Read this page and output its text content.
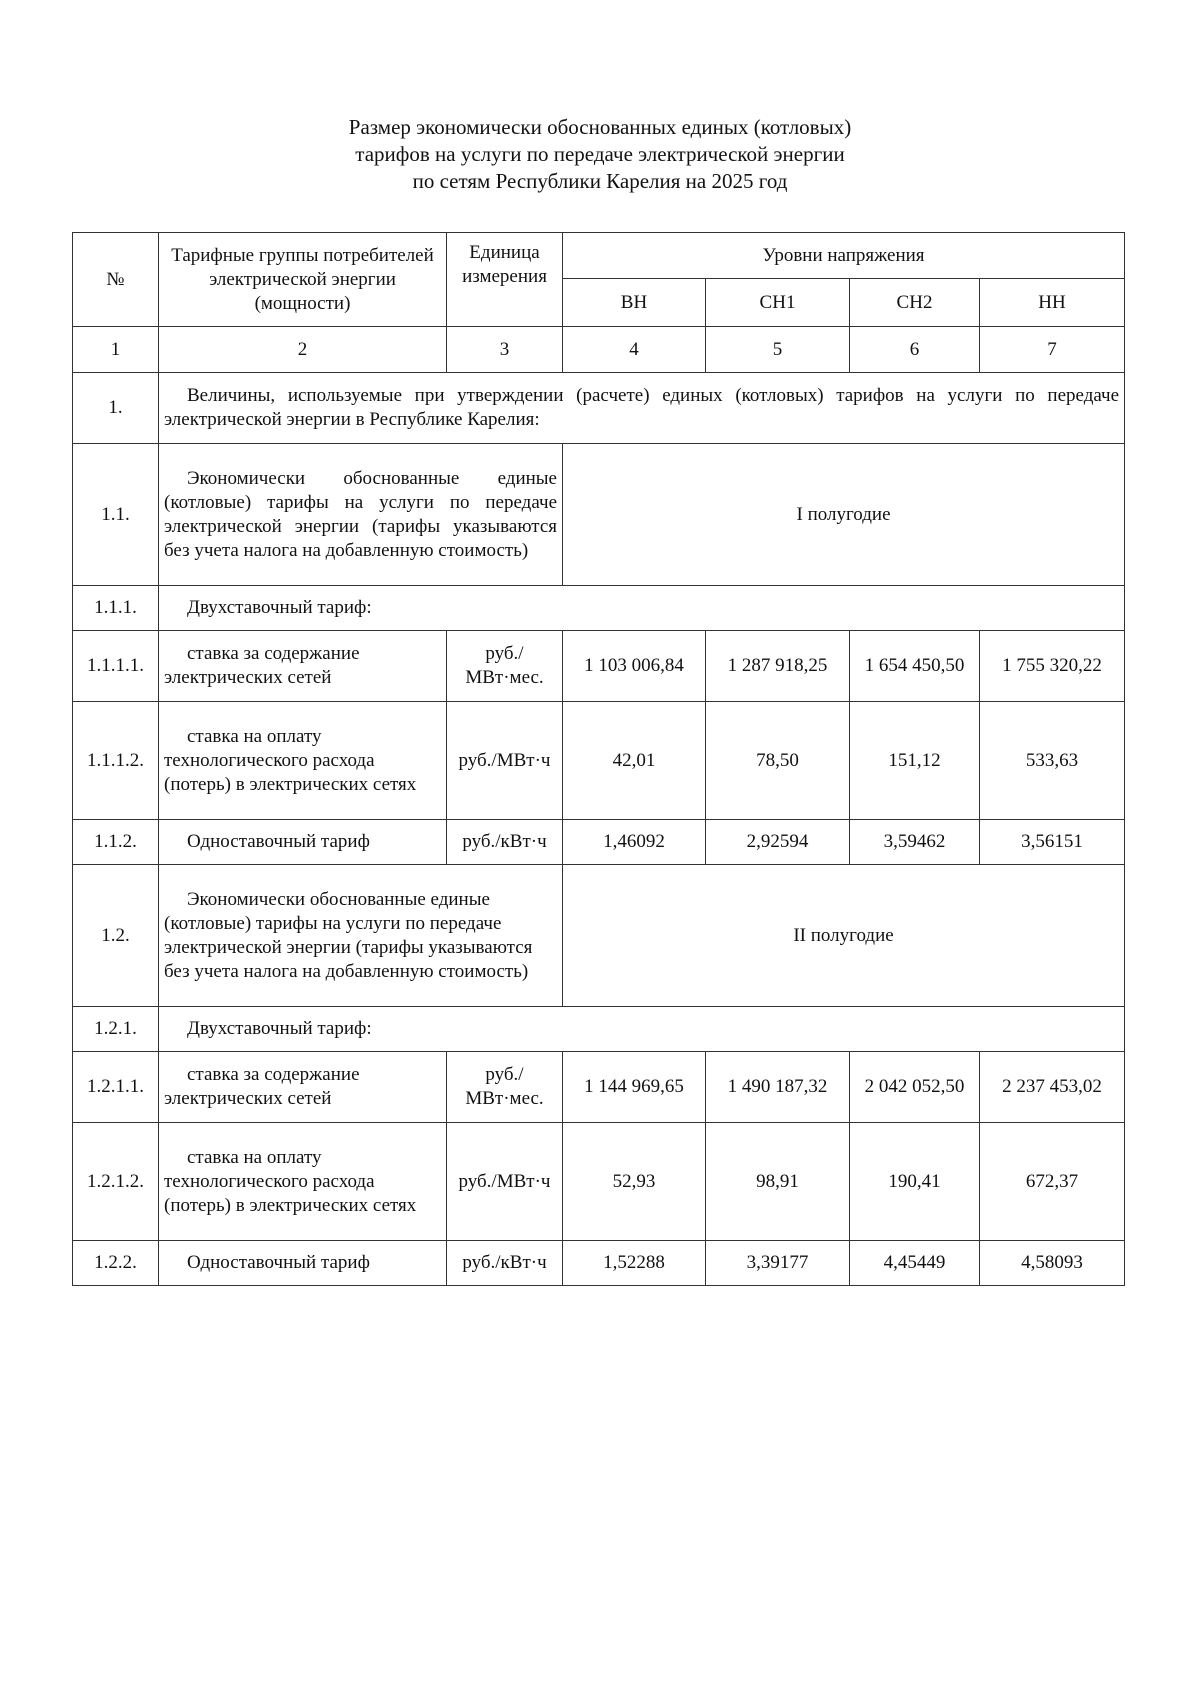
Размер экономически обоснованных единых (котловых)
тарифов на услуги по передаче электрической энергии
по сетям Республики Карелия на 2025 год
№	Тарифные группы потребителей электрической энергии (мощности)	Единица измерения	Уровни напряжения			
			ВН	СН1	СН2	НН
1	2	3	4	5	6	7
1.	Величины, используемые при утверждении (расчете) единых (котловых) тарифов на услуги по передаче электрической энергии в Республике Карелия:					
1.1.	Экономически обоснованные единые (котловые) тарифы на услуги по передаче электрической энергии (тарифы указываются без учета налога на добавленную стоимость)		I полугодие			
1.1.1.	Двухставочный тариф:					
1.1.1.1.	ставка за содержание электрических сетей	руб./МВт·мес.	1 103 006,84	1 287 918,25	1 654 450,50	1 755 320,22
1.1.1.2.	ставка на оплату технологического расхода (потерь) в электрических сетях	руб./МВт·ч	42,01	78,50	151,12	533,63
1.1.2.	Одноставочный тариф	руб./кВт·ч	1,46092	2,92594	3,59462	3,56151
1.2.	Экономически обоснованные единые (котловые) тарифы на услуги по передаче электрической энергии (тарифы указываются без учета налога на добавленную стоимость)		II полугодие			
1.2.1.	Двухставочный тариф:					
1.2.1.1.	ставка за содержание электрических сетей	руб./МВт·мес.	1 144 969,65	1 490 187,32	2 042 052,50	2 237 453,02
1.2.1.2.	ставка на оплату технологического расхода (потерь) в электрических сетях	руб./МВт·ч	52,93	98,91	190,41	672,37
1.2.2.	Одноставочный тариф	руб./кВт·ч	1,52288	3,39177	4,45449	4,58093
